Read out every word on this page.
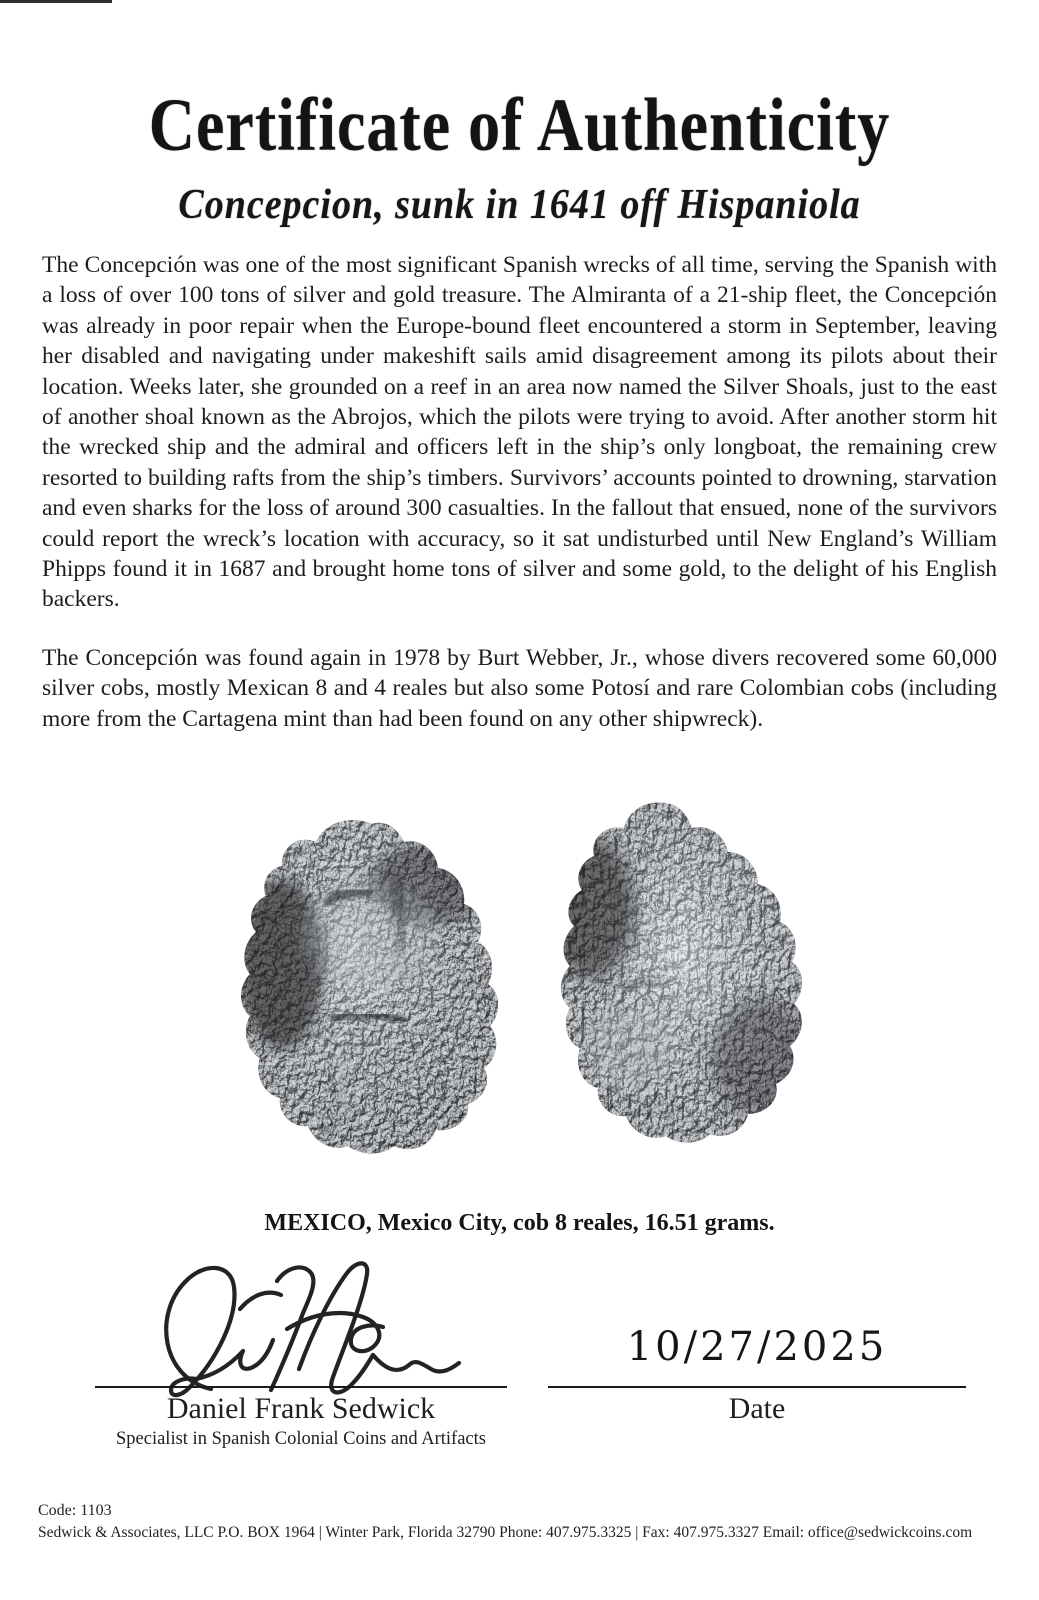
Certificate of Authenticity
Concepcion, sunk in 1641 off Hispaniola

The Concepción was one of the most significant Spanish wrecks of all time, serving the Spanish with a loss of over 100 tons of silver and gold treasure. The Almiranta of a 21-ship fleet, the Concepción was already in poor repair when the Europe-bound fleet encountered a storm in September, leaving her disabled and navigating under makeshift sails amid disagreement among its pilots about their location. Weeks later, she grounded on a reef in an area now named the Silver Shoals, just to the east of another shoal known as the Abrojos, which the pilots were trying to avoid. After another storm hit the wrecked ship and the admiral and officers left in the ship’s only longboat, the remaining crew resorted to building rafts from the ship’s timbers. Survivors’ accounts pointed to drowning, starvation and even sharks for the loss of around 300 casualties. In the fallout that ensued, none of the survivors could report the wreck’s location with accuracy, so it sat undisturbed until New England’s William Phipps found it in 1687 and brought home tons of silver and some gold, to the delight of his English backers.

The Concepción was found again in 1978 by Burt Webber, Jr., whose divers recovered some 60,000 silver cobs, mostly Mexican 8 and 4 reales but also some Potosí and rare Colombian cobs (including more from the Cartagena mint than had been found on any other shipwreck).

MEXICO, Mexico City, cob 8 reales, 16.51 grams.
Daniel Frank Sedwick
Specialist in Spanish Colonial Coins and Artifacts
10/27/2025
Date
Code: 1103
Sedwick & Associates, LLC P.O. BOX 1964 | Winter Park, Florida 32790 Phone: 407.975.3325 | Fax: 407.975.3327 Email: office@sedwickcoins.com
